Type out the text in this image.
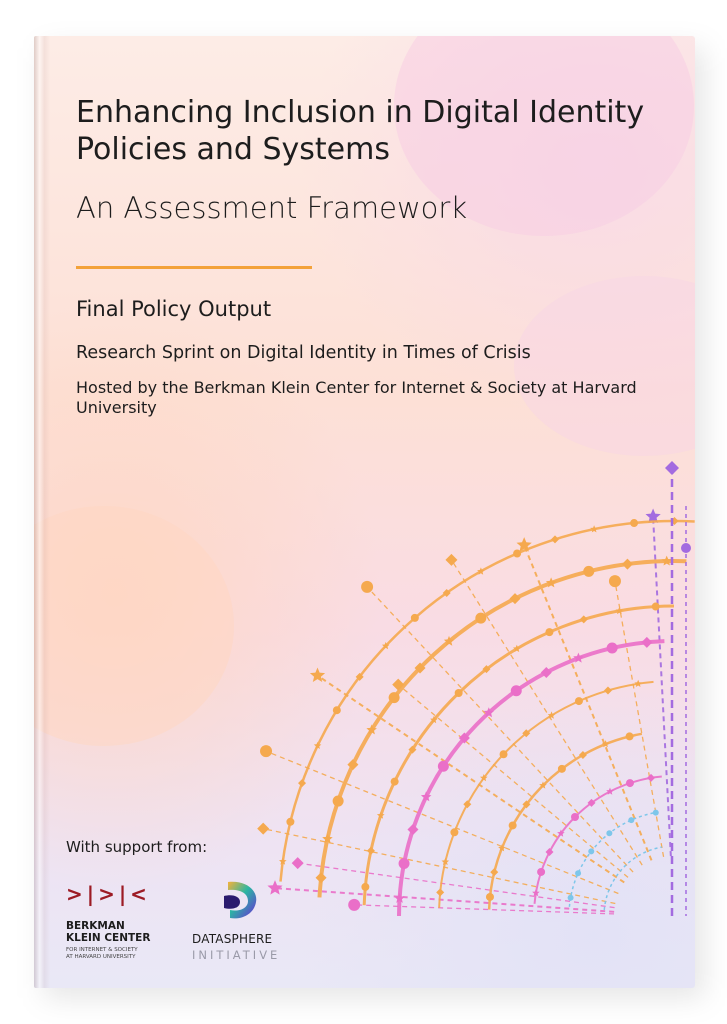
Enhancing Inclusion in Digital Identity Policies and Systems
An Assessment Framework
Final Policy Output
Research Sprint on Digital Identity in Times of Crisis
Hosted by the Berkman Klein Center for Internet & Society at Harvard University
With support from:
>|>|<
BERKMAN
KLEIN CENTER
FOR INTERNET & SOCIETY
AT HARVARD UNIVERSITY
DATASPHERE
INITIATIVE
